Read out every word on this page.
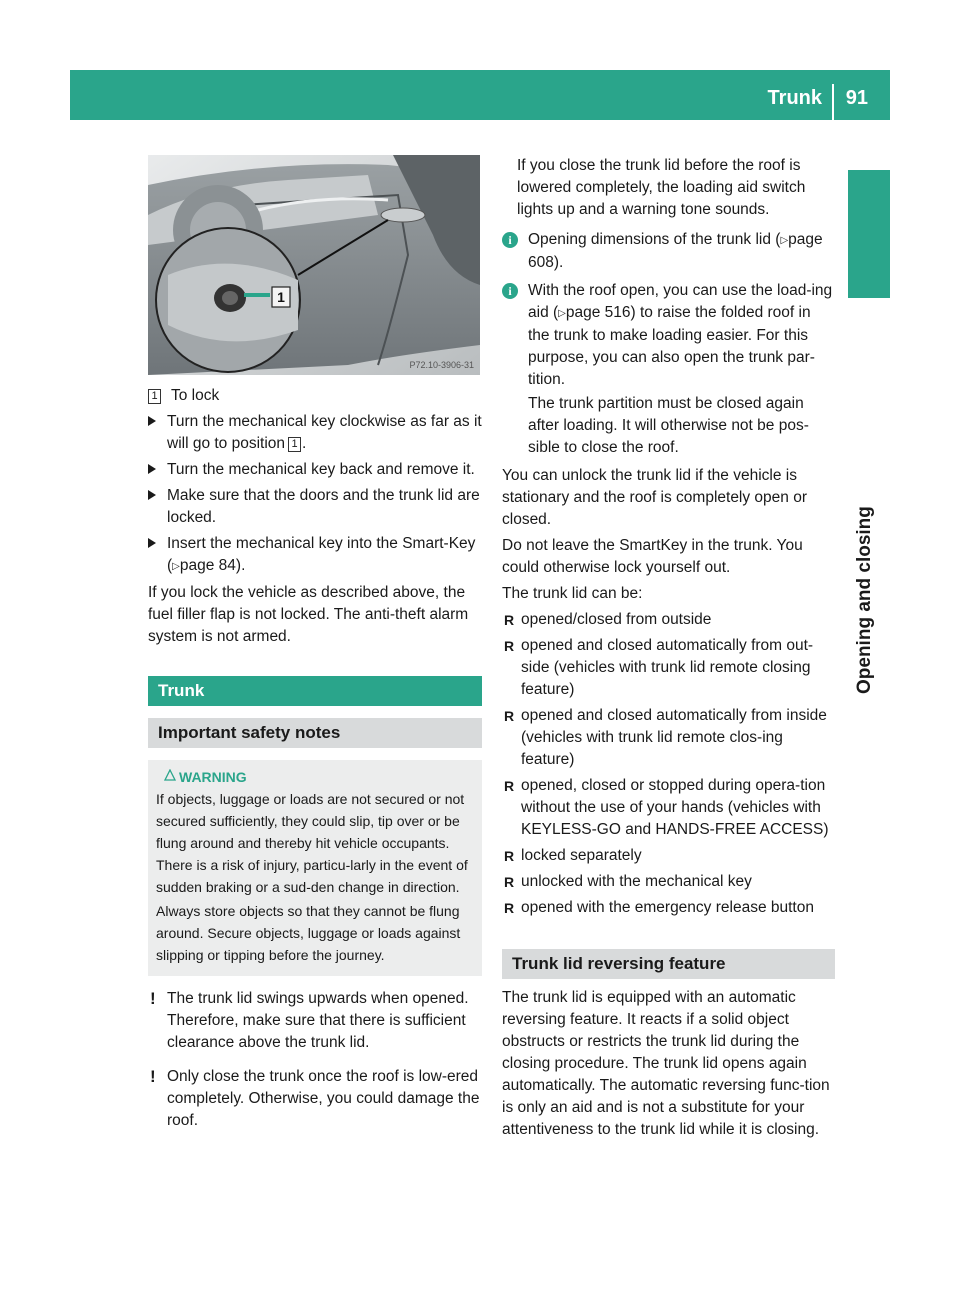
Trunk 91
Opening and closing
1
P72.10-3906-31

1 To lock

Turn the mechanical key clockwise as far as it will go to position 1 .
Turn the mechanical key back and remove it.
Make sure that the doors and the trunk lid are locked.
Insert the mechanical key into the Smart-Key (▷page 84).

If you lock the vehicle as described above, the fuel filler flap is not locked. The anti-theft alarm system is not armed.

Trunk
Important safety notes
WARNING

If objects, luggage or loads are not secured or not secured sufficiently, they could slip, tip over or be flung around and thereby hit vehicle occupants. There is a risk of injury, particu-larly in the event of sudden braking or a sud-den change in direction.

Always store objects so that they cannot be flung around. Secure objects, luggage or loads against slipping or tipping before the journey.

! The trunk lid swings upwards when opened. Therefore, make sure that there is sufficient clearance above the trunk lid.
! Only close the trunk once the roof is low-ered completely. Otherwise, you could damage the roof.

If you close the trunk lid before the roof is lowered completely, the loading aid switch lights up and a warning tone sounds.

i	Opening dimensions of the trunk lid (▷page 608).

i	With the roof open, you can use the load-ing aid (▷page 516) to raise the folded roof in the trunk to make loading easier. For this purpose, you can also open the trunk par-tition.

The trunk partition must be closed again after loading. It will otherwise not be pos-sible to close the roof.

You can unlock the trunk lid if the vehicle is stationary and the roof is completely open or closed.

Do not leave the SmartKey in the trunk. You could otherwise lock yourself out.

The trunk lid can be:

R opened/closed from outside
R opened and closed automatically from out-side (vehicles with trunk lid remote closing feature)
R opened and closed automatically from inside (vehicles with trunk lid remote clos-ing feature)
R opened, closed or stopped during opera-tion without the use of your hands (vehicles with KEYLESS-GO and HANDS-FREE ACCESS)
R locked separately
R unlocked with the mechanical key
R opened with the emergency release button
Trunk lid reversing feature

The trunk lid is equipped with an automatic reversing feature. It reacts if a solid object obstructs or restricts the trunk lid during the closing procedure. The trunk lid opens again automatically. The automatic reversing func-tion is only an aid and is not a substitute for your attentiveness to the trunk lid while it is closing.
